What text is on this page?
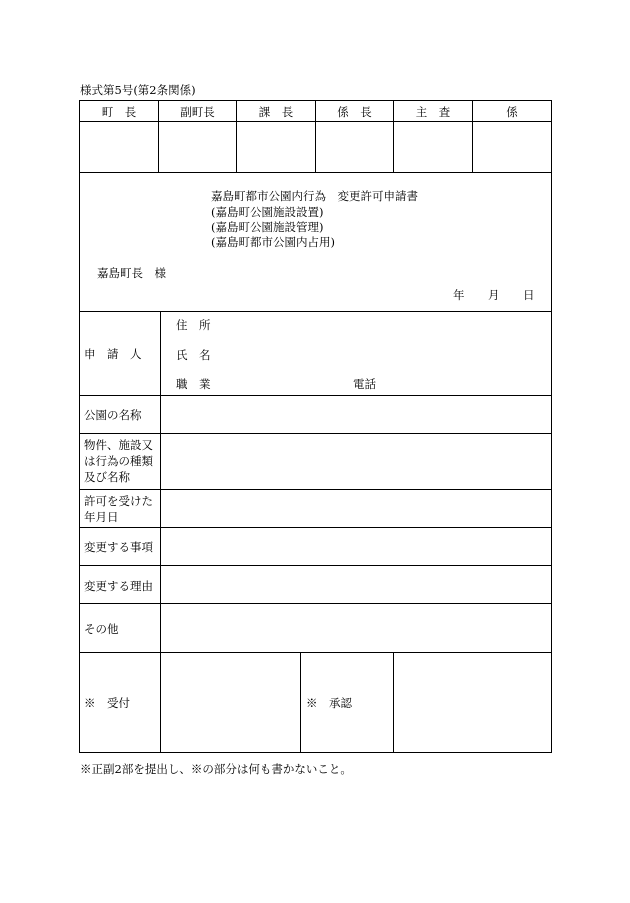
様式第5号(第2条関係)
町　長	副町長	課　長	係　長	主　査	係
嘉島町都市公園内行為　変更許可申請書
(嘉島町公園施設設置)
(嘉島町公園施設管理)
(嘉島町都市公園内占用)
嘉島町長　様
年 月 日
申　請　人
住　所
氏　名
職　業	電話
公園の名称
物件、施設又は行為の種類及び名称
許可を受けた年月日
変更する事項
変更する理由
その他
※　受付	※　承認
※正副2部を提出し、※の部分は何も書かないこと。
